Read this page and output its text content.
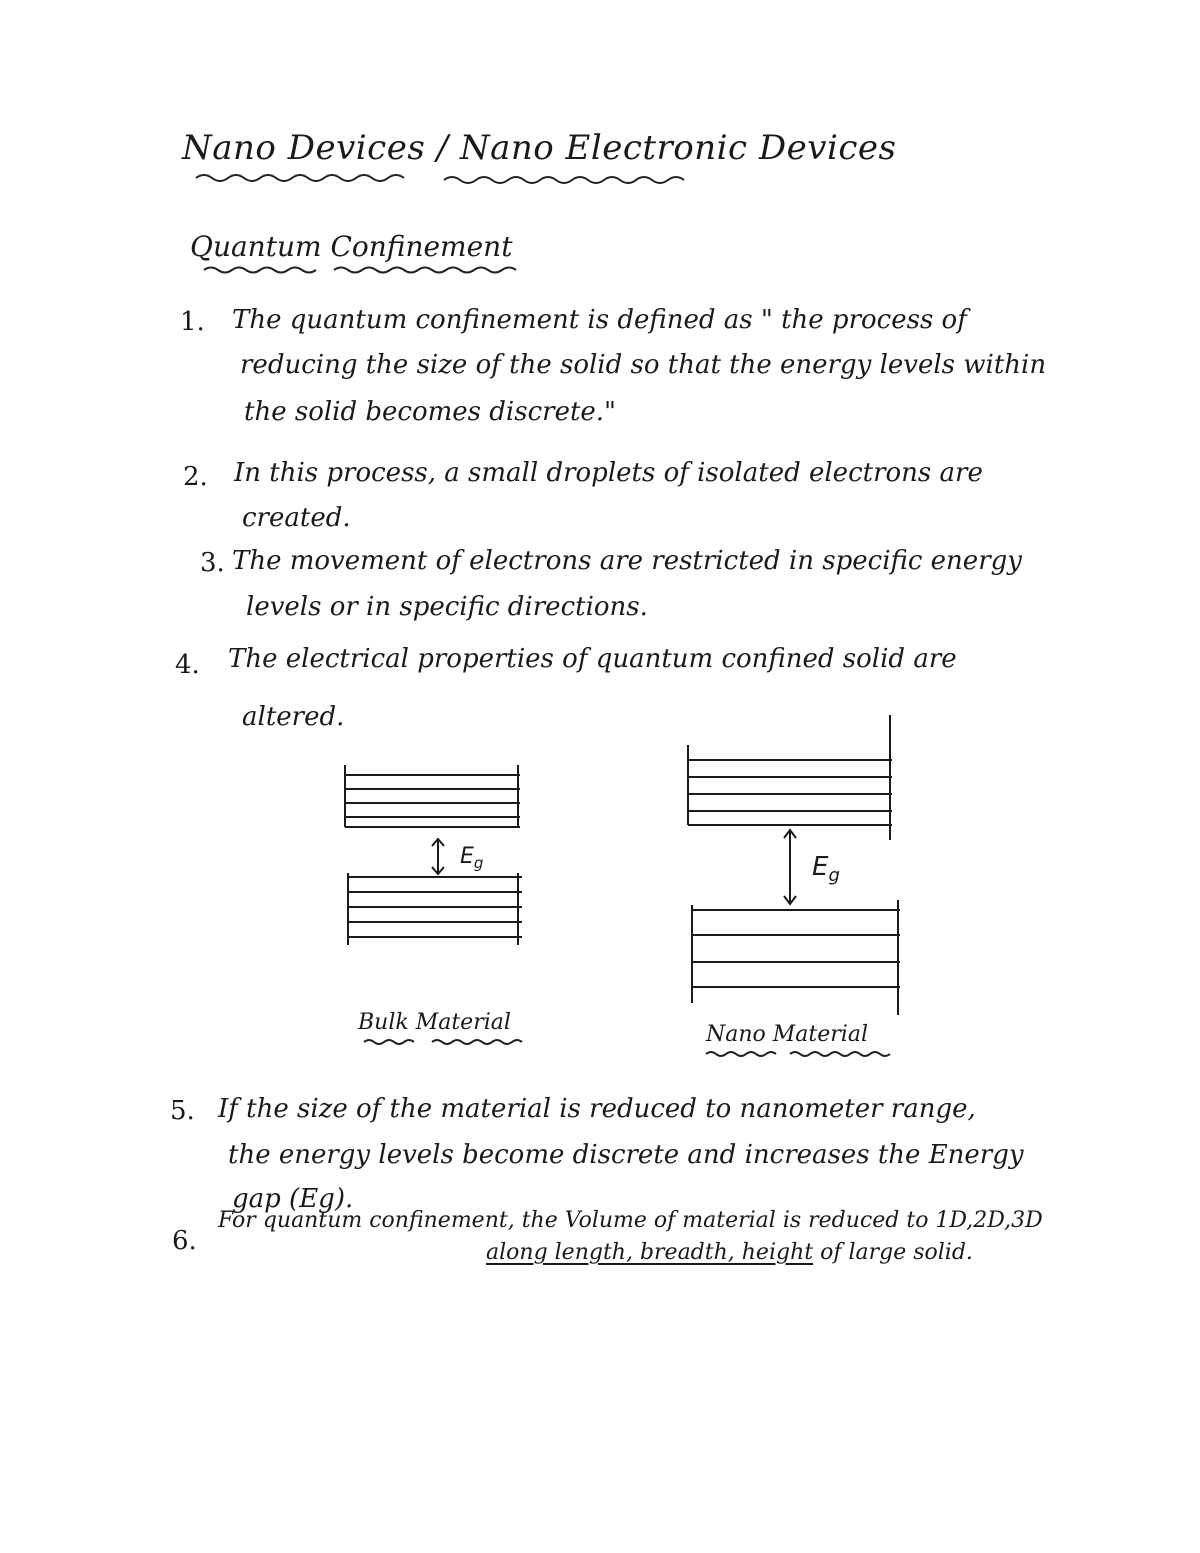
Nano Devices / Nano Electronic Devices
Quantum Confinement
1. The quantum confinement is defined as " the process of
reducing the size of the solid so that the energy levels within
the solid becomes discrete."
2. In this process, a small droplets of isolated electrons are
created.
3. The movement of electrons are restricted in specific energy
levels or in specific directions.
4. The electrical properties of quantum confined solid are
altered.
$E_g$	$E_g$
Bulk Material	Nano Material
5. If the size of the material is reduced to nanometer range,
the energy levels become discrete and increases the Energy
gap (Eg).
6.
For quantum confinement, the Volume of material is reduced to 1D,2D,3D
along length, breadth, height of large solid.
